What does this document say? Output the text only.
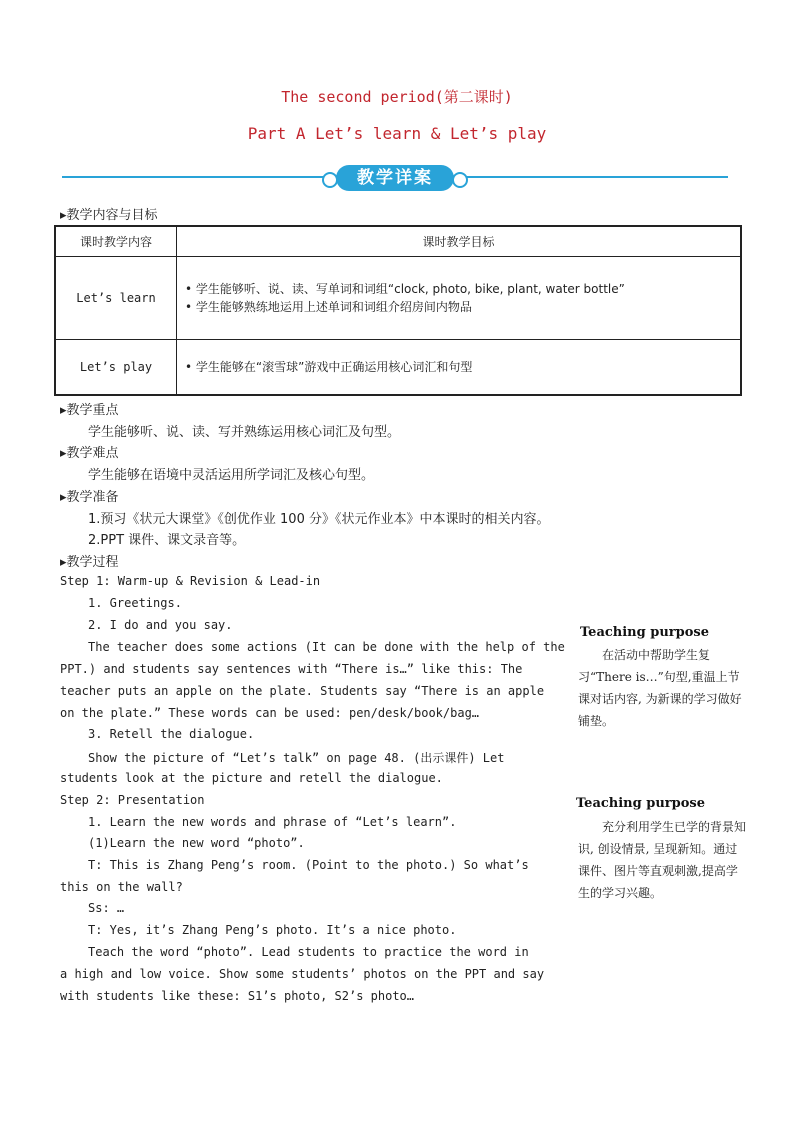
The second period(第二课时)
Part A Let’s learn & Let’s play
教学详案
▸教学内容与目标
课时教学内容	课时教学目标
Let’s learn	• 学生能够听、说、读、写单词和词组“clock, photo, bike, plant, water bottle”
• 学生能够熟练地运用上述单词和词组介绍房间内物品

Let’s play	• 学生能够在“滚雪球”游戏中正确运用核心词汇和句型
▸教学重点
学生能够听、说、读、写并熟练运用核心词汇及句型。
▸教学难点
学生能够在语境中灵活运用所学词汇及核心句型。
▸教学准备
1.预习《状元大课堂》《创优作业 100 分》《状元作业本》中本课时的相关内容。
2.PPT 课件、课文录音等。
▸教学过程
Step 1: Warm-up & Revision & Lead-in
1. Greetings.
2. I do and you say.
The teacher does some actions (It can be done with the help of the
PPT.) and students say sentences with “There is…” like this: The
teacher puts an apple on the plate. Students say “There is an apple
on the plate.” These words can be used: pen/desk/book/bag…
3. Retell the dialogue.
Show the picture of “Let’s talk” on page 48. (出示课件) Let
students look at the picture and retell the dialogue.
Step 2: Presentation
1. Learn the new words and phrase of “Let’s learn”.
(1)Learn the new word “photo”.
T: This is Zhang Peng’s room. (Point to the photo.) So what’s
this on the wall?
Ss: …
T: Yes, it’s Zhang Peng’s photo. It’s a nice photo.
Teach the word “photo”. Lead students to practice the word in
a high and low voice. Show some students’ photos on the PPT and say
with students like these: S1’s photo, S2’s photo…
Teaching purpose
在活动中帮助学生复习“There is…”句型,重温上节课对话内容, 为新课的学习做好铺垫。
Teaching purpose
充分利用学生已学的背景知识, 创设情景, 呈现新知。通过课件、图片等直观刺激,提高学生的学习兴趣。
